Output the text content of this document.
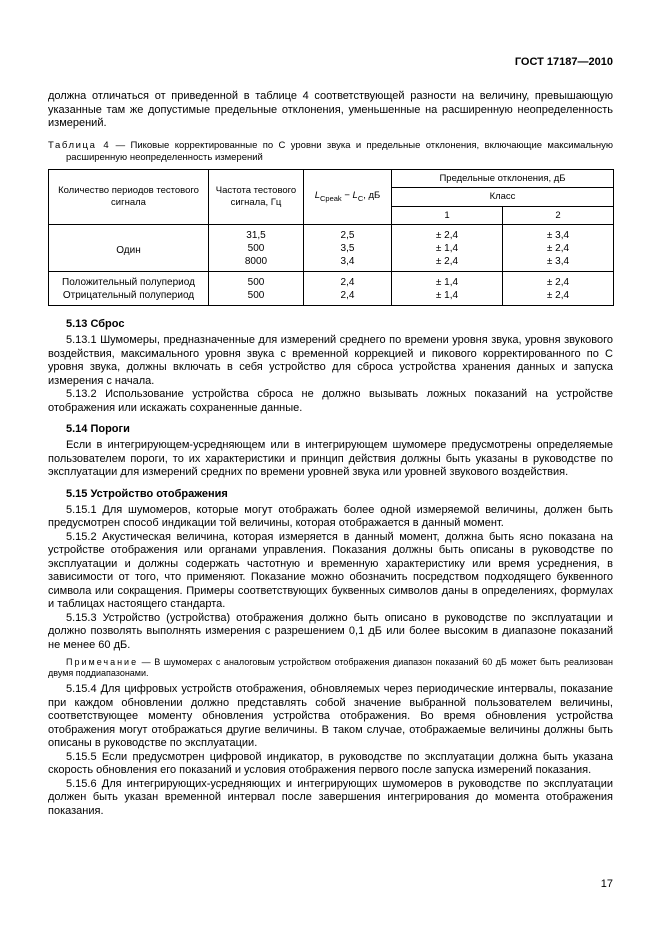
ГОСТ 17187—2010

должна отличаться от приведенной в таблице 4 соответствующей разности на величину, превышающую указанные там же допустимые предельные отклонения, уменьшенные на расширенную неопределенность измерений.

Таблица 4 — Пиковые корректированные по C уровни звука и предельные отклонения, включающие максимальную расширенную неопределенность измерений
Количество периодов тестового сигнала	Частота тестового сигнала, Гц	$L_{Cpeak} - L_C$, дБ	Предельные отклонения, дБ	
			Класс	
			1	2
Один	31,5	2,5	± 2,4	± 3,4
	500	3,5	± 1,4	± 2,4
	8000	3,4	± 2,4	± 3,4
Положительный полупериод	500	2,4	± 1,4	± 2,4
Отрицательный полупериод	500	2,4	± 1,4	± 2,4
5.13 Сброс

5.13.1 Шумомеры, предназначенные для измерений среднего по времени уровня звука, уровня звукового воздействия, максимального уровня звука с временной коррекцией и пикового корректированного по C уровня звука, должны включать в себя устройство для сброса устройства хранения данных и запуска измерения с начала.

5.13.2 Использование устройства сброса не должно вызывать ложных показаний на устройстве отображения или искажать сохраненные данные.

5.14 Пороги

Если в интегрирующем-усредняющем или в интегрирующем шумомере предусмотрены определяемые пользователем пороги, то их характеристики и принцип действия должны быть указаны в руководстве по эксплуатации для измерений средних по времени уровней звука или уровней звукового воздействия.

5.15 Устройство отображения

5.15.1 Для шумомеров, которые могут отображать более одной измеряемой величины, должен быть предусмотрен способ индикации той величины, которая отображается в данный момент.

5.15.2 Акустическая величина, которая измеряется в данный момент, должна быть ясно показана на устройстве отображения или органами управления. Показания должны быть описаны в руководстве по эксплуатации и должны содержать частотную и временную характеристику или время усреднения, в зависимости от того, что применяют. Показание можно обозначить посредством подходящего буквенного символа или сокращения. Примеры соответствующих буквенных символов даны в определениях, формулах и таблицах настоящего стандарта.

5.15.3 Устройство (устройства) отображения должно быть описано в руководстве по эксплуатации и должно позволять выполнять измерения с разрешением 0,1 дБ или более высоким в диапазоне показаний не менее 60 дБ.

Примечание — В шумомерах с аналоговым устройством отображения диапазон показаний 60 дБ может быть реализован двумя поддиапазонами.

5.15.4 Для цифровых устройств отображения, обновляемых через периодические интервалы, показание при каждом обновлении должно представлять собой значение выбранной пользователем величины, соответствующее моменту обновления устройства отображения. Во время обновления устройства отображения могут отображаться другие величины. В таком случае, отображаемые величины должны быть описаны в руководстве по эксплуатации.

5.15.5 Если предусмотрен цифровой индикатор, в руководстве по эксплуатации должна быть указана скорость обновления его показаний и условия отображения первого после запуска измерений показания.

5.15.6 Для интегрирующих-усредняющих и интегрирующих шумомеров в руководстве по эксплуатации должен быть указан временной интервал после завершения интегрирования до момента отображения показания.

17
